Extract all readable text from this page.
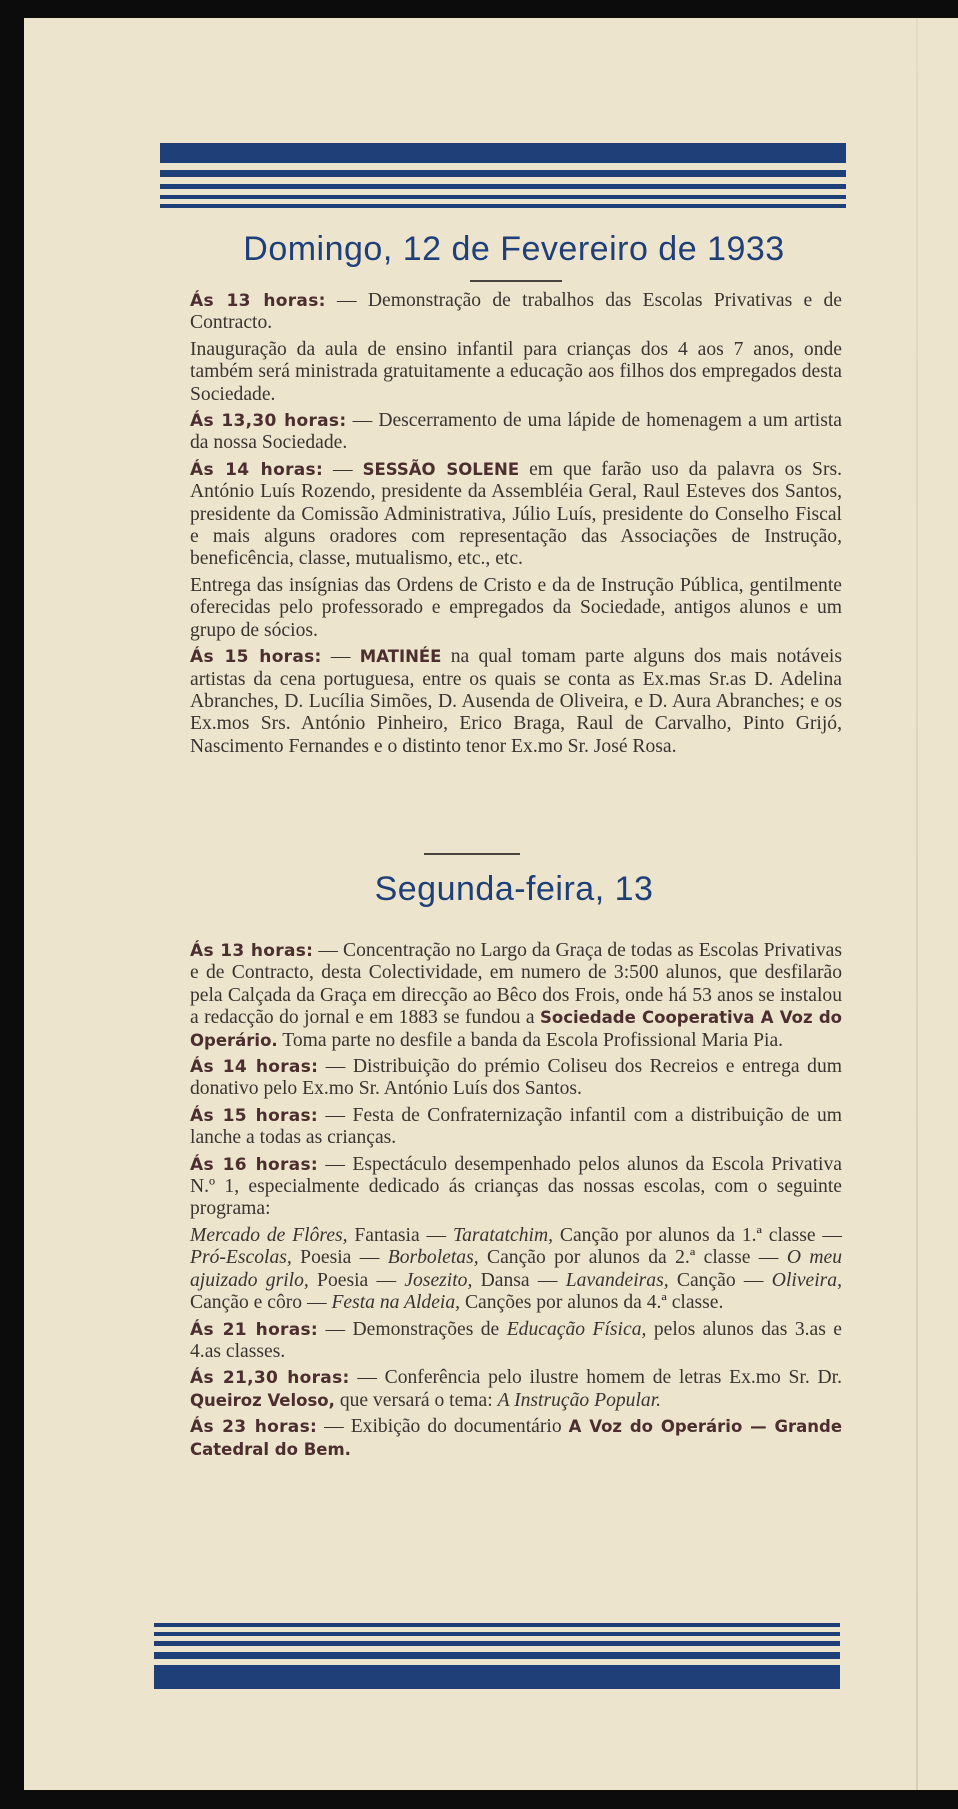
Domingo, 12 de Fevereiro de 1933

Ás 13 horas: — Demonstração de trabalhos das Escolas Privativas e de Contracto.

Inauguração da aula de ensino infantil para crianças dos 4 aos 7 anos, onde também será ministrada gratuitamente a educação aos filhos dos empregados desta Sociedade.

Ás 13,30 horas: — Descerramento de uma lápide de homenagem a um artista da nossa Sociedade.

Ás 14 horas: — SESSÃO SOLENE em que farão uso da palavra os Srs. António Luís Rozendo, presidente da Assembléia Geral, Raul Esteves dos Santos, presidente da Comissão Administrativa, Júlio Luís, presidente do Conselho Fiscal e mais alguns oradores com representação das Associações de Instrução, beneficência, classe, mutualismo, etc., etc.

Entrega das insígnias das Ordens de Cristo e da de Instrução Pública, gentilmente oferecidas pelo professorado e empregados da Sociedade, antigos alunos e um grupo de sócios.

Ás 15 horas: — MATINÉE na qual tomam parte alguns dos mais notáveis artistas da cena portuguesa, entre os quais se conta as Ex.mas Sr.as D. Adelina Abranches, D. Lucília Simões, D. Ausenda de Oliveira, e D. Aura Abranches; e os Ex.mos Srs. António Pinheiro, Erico Braga, Raul de Carvalho, Pinto Grijó, Nascimento Fernandes e o distinto tenor Ex.mo Sr. José Rosa.

Segunda-feira, 13

Ás 13 horas: — Concentração no Largo da Graça de todas as Escolas Privativas e de Contracto, desta Colectividade, em numero de 3:500 alunos, que desfilarão pela Calçada da Graça em direcção ao Bêco dos Frois, onde há 53 anos se instalou a redacção do jornal e em 1883 se fundou a Sociedade Cooperativa A Voz do Operário. Toma parte no desfile a banda da Escola Profissional Maria Pia.

Ás 14 horas: — Distribuição do prémio Coliseu dos Recreios e entrega dum donativo pelo Ex.mo Sr. António Luís dos Santos.

Ás 15 horas: — Festa de Confraternização infantil com a distribuição de um lanche a todas as crianças.

Ás 16 horas: — Espectáculo desempenhado pelos alunos da Escola Privativa N.º 1, especialmente dedicado ás crianças das nossas escolas, com o seguinte programa:

Mercado de Flôres, Fantasia — Taratatchim, Canção por alunos da 1.ª classe — Pró-Escolas, Poesia — Borboletas, Canção por alunos da 2.ª classe — O meu ajuizado grilo, Poesia — Josezito, Dansa — Lavandeiras, Canção — Oliveira, Canção e côro — Festa na Aldeia, Canções por alunos da 4.ª classe.

Ás 21 horas: — Demonstrações de Educação Física, pelos alunos das 3.as e 4.as classes.

Ás 21,30 horas: — Conferência pelo ilustre homem de letras Ex.mo Sr. Dr. Queiroz Veloso, que versará o tema: A Instrução Popular.

Ás 23 horas: — Exibição do documentário A Voz do Operário — Grande Catedral do Bem.
